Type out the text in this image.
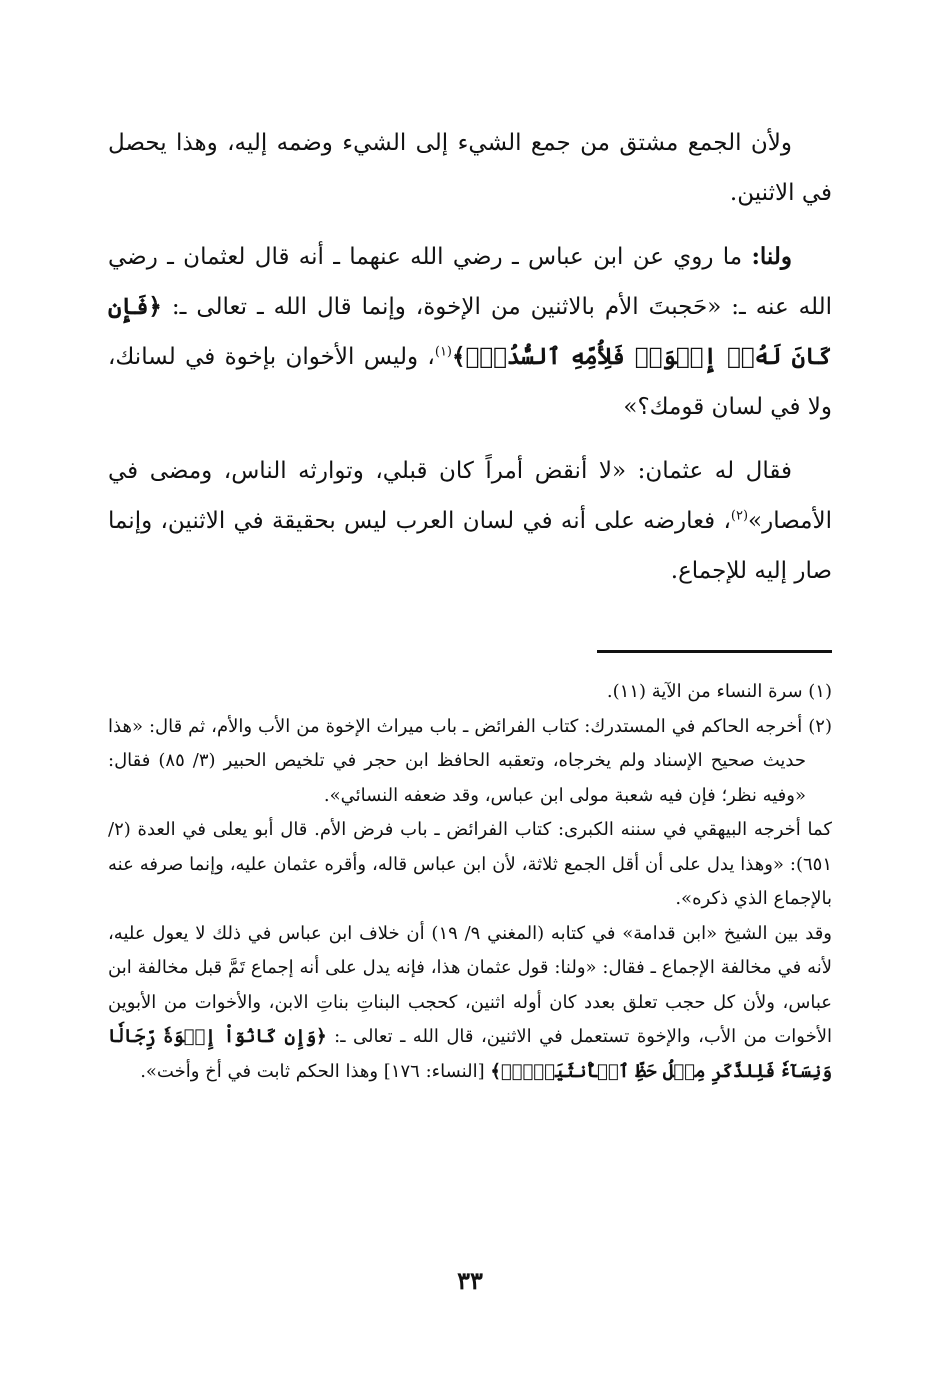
ولأن الجمع مشتق من جمع الشيء إلى الشيء وضمه إليه، وهذا يحصل في الاثنين.

ولنا: ما روي عن ابن عباس ـ رضي الله عنهما ـ أنه قال لعثمان ـ رضي الله عنه ـ: «حَجبتَ الأم بالاثنين من الإخوة، وإنما قال الله ـ تعالى ـ: ﴿فَإِن كَانَ لَهُۥٓ إِخۡوَةٞ فَلِأُمِّهِ ٱلسُّدُسُۚ﴾$^{(١)}$، وليس الأخوان بإخوة في لسانك، ولا في لسان قومك؟»

فقال له عثمان: «لا أنقض أمراً كان قبلي، وتوارثه الناس، ومضى في الأمصار»$^{(٢)}$، فعارضه على أنه في لسان العرب ليس بحقيقة في الاثنين، وإنما صار إليه للإجماع.

(١) سرة النساء من الآية (١١).

(٢) أخرجه الحاكم في المستدرك: كتاب الفرائض ـ باب ميراث الإخوة من الأب والأم، ثم قال: «هذا حديث صحيح الإسناد ولم يخرجاه، وتعقبه الحافظ ابن حجر في تلخيص الحبير (٣/ ٨٥) فقال: «وفيه نظر؛ فإن فيه شعبة مولى ابن عباس، وقد ضعفه النسائي».

كما أخرجه البيهقي في سننه الكبرى: كتاب الفرائض ـ باب فرض الأم. قال أبو يعلى في العدة (٢/ ٦٥١): «وهذا يدل على أن أقل الجمع ثلاثة، لأن ابن عباس قاله، وأقره عثمان عليه، وإنما صرفه عنه بالإجماع الذي ذكره».

وقد بين الشيخ «ابن قدامة» في كتابه (المغني ٩/ ١٩) أن خلاف ابن عباس في ذلك لا يعول عليه، لأنه في مخالفة الإجماع ـ فقال: «ولنا: قول عثمان هذا، فإنه يدل على أنه إجماع تَمَّ قبل مخالفة ابن عباس، ولأن كل حجب تعلق بعدد كان أوله اثنين، كحجب البناتِ بناتِ الابن، والأخوات من الأبوين الأخوات من الأب، والإخوة تستعمل في الاثنين، قال الله ـ تعالى ـ: ﴿وَإِن كَانُوٓاْ إِخۡوَةٗ رِّجَالٗا وَنِسَآءٗ فَلِلذَّكَرِ مِثۡلُ حَظِّ ٱلۡأُنثَيَيۡنِۗ﴾ [النساء: ١٧٦] وهذا الحكم ثابت في أخ وأخت».

٣٣
